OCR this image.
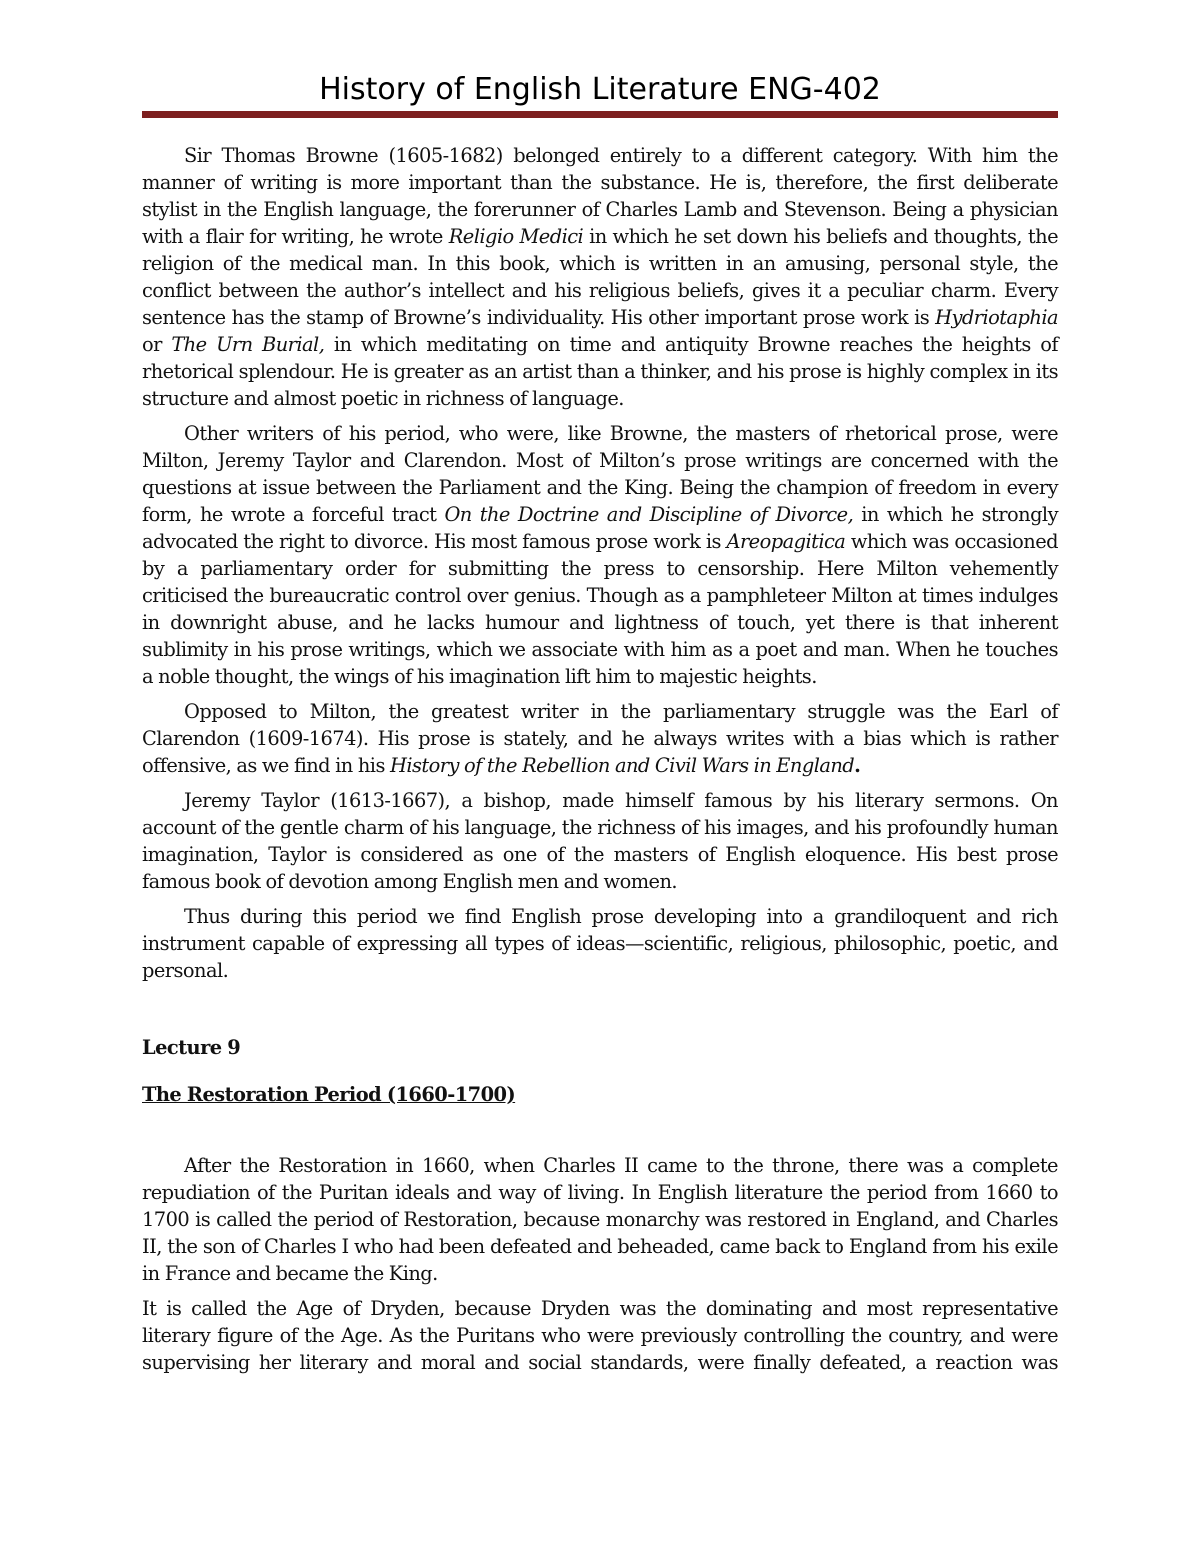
History of English Literature ENG-402

Sir Thomas Browne (1605-1682) belonged entirely to a different category. With him the manner of writing is more important than the substance. He is, therefore, the first deliberate stylist in the English language, the forerunner of Charles Lamb and Stevenson. Being a physician with a flair for writing, he wrote Religio Medici in which he set down his beliefs and thoughts, the religion of the medical man. In this book, which is written in an amusing, personal style, the conflict between the author’s intellect and his religious beliefs, gives it a peculiar charm. Every sentence has the stamp of Browne’s individuality. His other important prose work is Hydriotaphia or The Urn Burial, in which meditating on time and antiquity Browne reaches the heights of rhetorical splendour. He is greater as an artist than a thinker, and his prose is highly complex in its structure and almost poetic in richness of language.

Other writers of his period, who were, like Browne, the masters of rhetorical prose, were Milton, Jeremy Taylor and Clarendon. Most of Milton’s prose writings are concerned with the questions at issue between the Parliament and the King. Being the champion of freedom in every form, he wrote a forceful tract On the Doctrine and Discipline of Divorce, in which he strongly advocated the right to divorce. His most famous prose work is Areopagitica which was occasioned by a parliamentary order for submitting the press to censorship. Here Milton vehemently criticised the bureaucratic control over genius. Though as a pamphleteer Milton at times indulges in downright abuse, and he lacks humour and lightness of touch, yet there is that inherent sublimity in his prose writings, which we associate with him as a poet and man. When he touches a noble thought, the wings of his imagination lift him to majestic heights.

Opposed to Milton, the greatest writer in the parliamentary struggle was the Earl of Clarendon (1609-1674). His prose is stately, and he always writes with a bias which is rather offensive, as we find in his History of the Rebellion and Civil Wars in England.

Jeremy Taylor (1613-1667), a bishop, made himself famous by his literary sermons. On account of the gentle charm of his language, the richness of his images, and his profoundly human imagination, Taylor is considered as one of the masters of English eloquence. His best prose famous book of devotion among English men and women.

Thus during this period we find English prose developing into a grandiloquent and rich instrument capable of expressing all types of ideas—scientific, religious, philosophic, poetic, and personal.

Lecture 9
The Restoration Period (1660-1700)

After the Restoration in 1660, when Charles II came to the throne, there was a complete repudiation of the Puritan ideals and way of living. In English literature the period from 1660 to 1700 is called the period of Restoration, because monarchy was restored in England, and Charles II, the son of Charles I who had been defeated and beheaded, came back to England from his exile in France and became the King.

It is called the Age of Dryden, because Dryden was the dominating and most representative literary figure of the Age. As the Puritans who were previously controlling the country, and were supervising her literary and moral and social standards, were finally defeated, a reaction was
